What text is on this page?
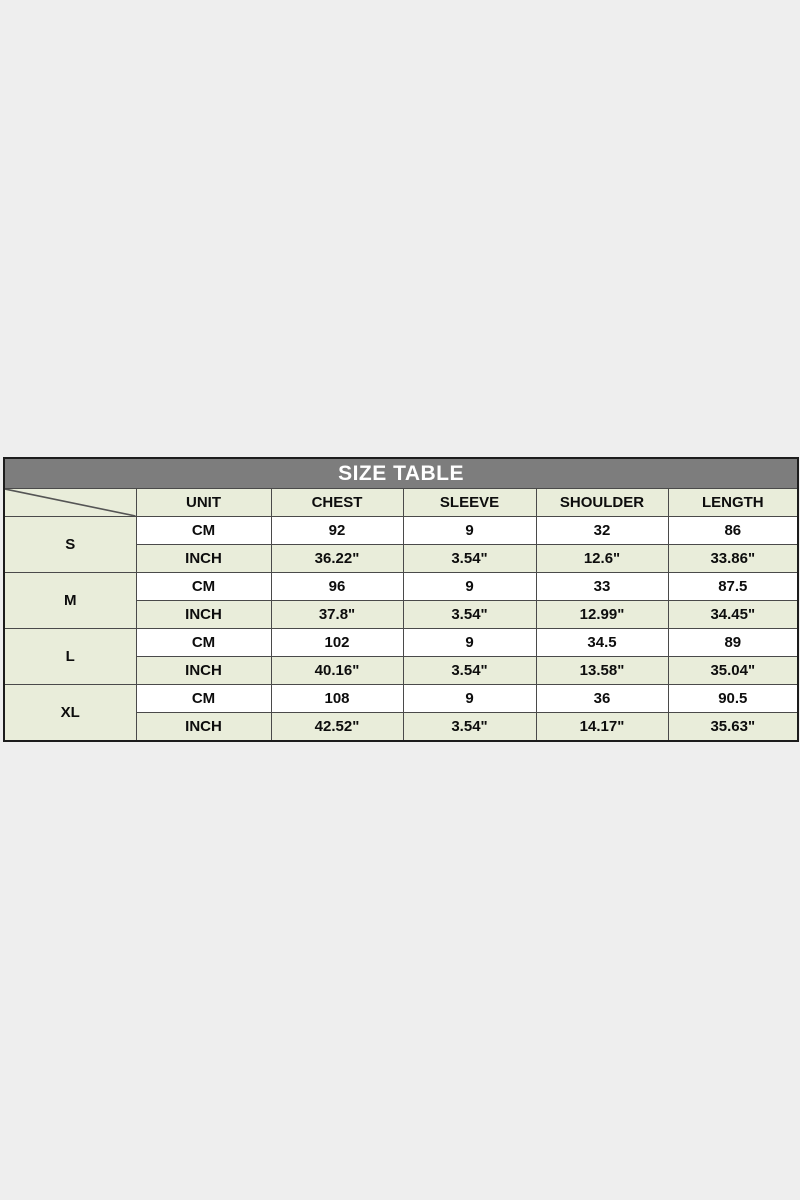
SIZE TABLE					

	UNIT	CHEST	SLEEVE	SHOULDER	LENGTH
S	CM	92	9	32	86
	INCH	36.22"	3.54"	12.6"	33.86"
M	CM	96	9	33	87.5
	INCH	37.8"	3.54"	12.99"	34.45"
L	CM	102	9	34.5	89
	INCH	40.16"	3.54"	13.58"	35.04"
XL	CM	108	9	36	90.5
	INCH	42.52"	3.54"	14.17"	35.63"
